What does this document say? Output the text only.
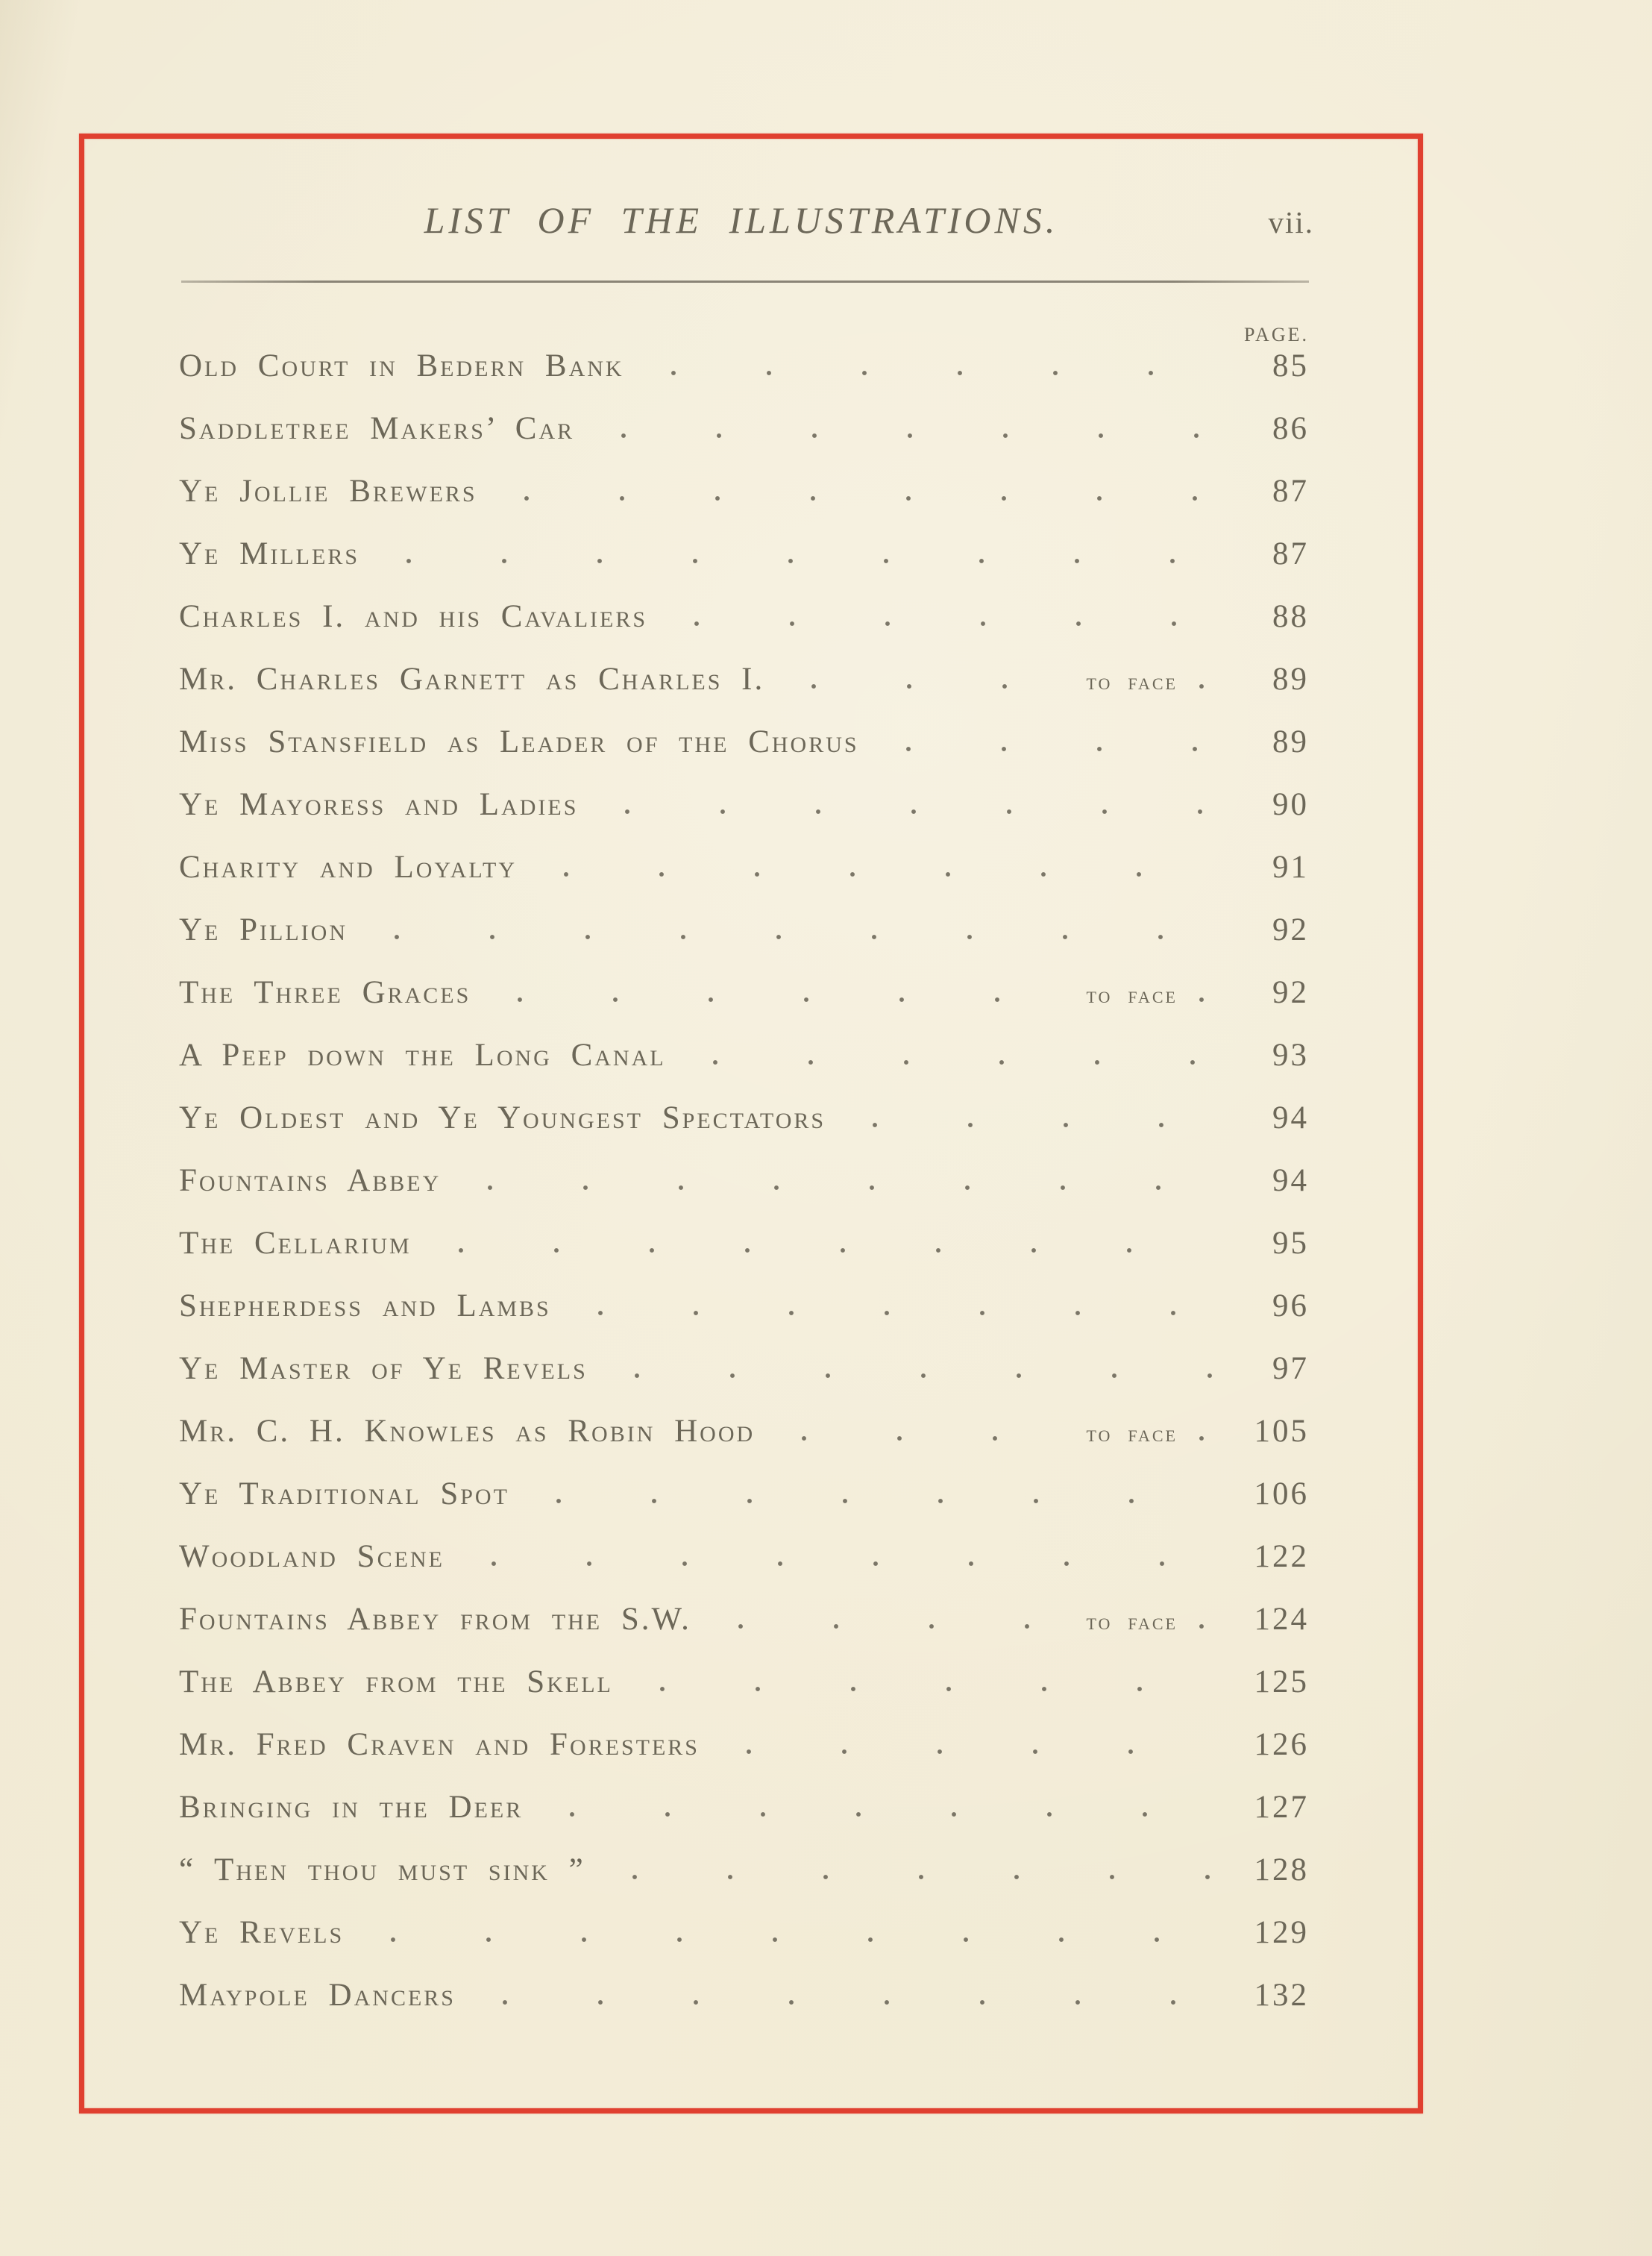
LIST OF THE ILLUSTRATIONS.	vii.
PAGE.
Old Court in Bedern Bank	85
Saddletree Makers’ Car	86
Ye Jollie Brewers	87
Ye Millers	87
Charles I. and his Cavaliers	88
Mr. Charles Garnett as Charles I.	to face	89
Miss Stansfield as Leader of the Chorus	89
Ye Mayoress and Ladies	90
Charity and Loyalty	91
Ye Pillion	92
The Three Graces	to face	92
A Peep down the Long Canal	93
Ye Oldest and Ye Youngest Spectators	94
Fountains Abbey	94
The Cellarium	95
Shepherdess and Lambs	96
Ye Master of Ye Revels	97
Mr. C. H. Knowles as Robin Hood	to face	105
Ye Traditional Spot	106
Woodland Scene	122
Fountains Abbey from the S.W.	to face	124
The Abbey from the Skell	125
Mr. Fred Craven and Foresters	126
Bringing in the Deer	127
“ Then thou must sink ”	128
Ye Revels	129
Maypole Dancers	132
